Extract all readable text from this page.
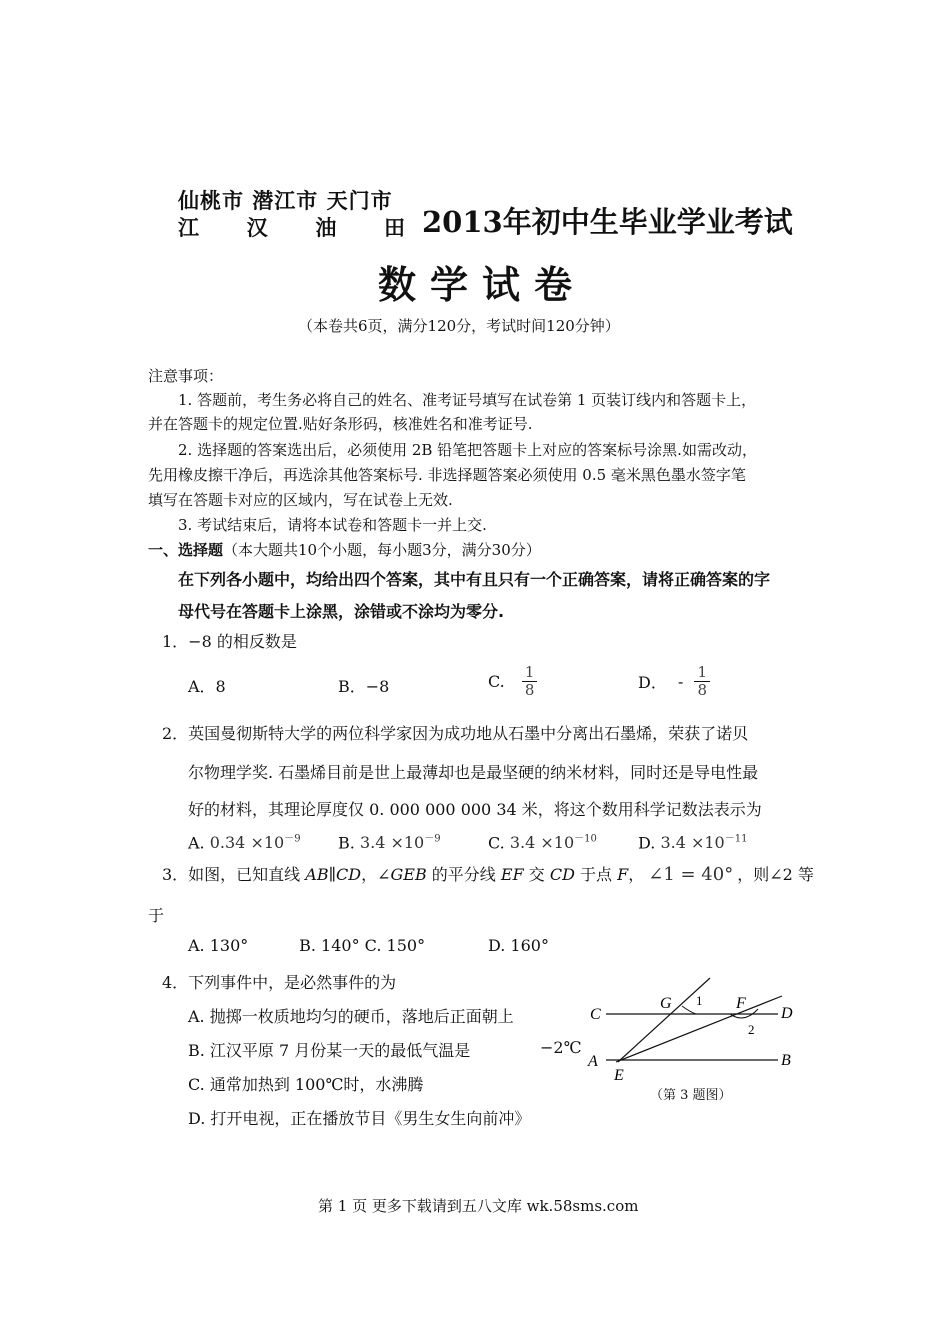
仙桃市 潜江市 天门市
江 汉 油 田 2013年初中生毕业学业考试
数学试卷
（本卷共6页，满分120分，考试时间120分钟）
注意事项：
1. 答题前，考生务必将自己的姓名、准考证号填写在试卷第 1 页装订线内和答题卡上，
并在答题卡的规定位置.贴好条形码，核准姓名和准考证号.
2. 选择题的答案选出后，必须使用 2B 铅笔把答题卡上对应的答案标号涂黑.如需改动，
先用橡皮擦干净后，再选涂其他答案标号. 非选择题答案必须使用 0.5 毫米黑色墨水签字笔
填写在答题卡对应的区域内，写在试卷上无效.
3. 考试结束后，请将本试卷和答题卡一并上交.
一、选择题（本大题共10个小题，每小题3分，满分30分）
在下列各小题中，均给出四个答案，其中有且只有一个正确答案，请将正确答案的字
母代号在答题卡上涂黑，涂错或不涂均为零分.
1．−8 的相反数是
A．8	B．−8	C. $\frac{1}{8}$	D． - $\frac{1}{8}$
2．英国曼彻斯特大学的两位科学家因为成功地从石墨中分离出石墨烯，荣获了诺贝
尔物理学奖. 石墨烯目前是世上最薄却也是最坚硬的纳米材料，同时还是导电性最
好的材料，其理论厚度仅 0. 000 000 000 34 米，将这个数用科学记数法表示为
A. $0.34 \times 10^{-9}$ B. $3.4 \times 10^{-9}$	C. $3.4 \times 10^{-10}$	D. $3.4 \times 10^{-11}$
3．如图，已知直线 AB∥CD，∠GEB 的平分线 EF 交 CD 于点 F， ∠1 = 40° ，则∠2 等
于
A. 130°          B. 140° C. 150°	D. 160°
4．下列事件中，是必然事件的为
A. 抛掷一枚质地均匀的硬币，落地后正面朝上
B. 江汉平原 7 月份某一天的最低气温是	−2℃
C. 通常加热到 100℃时，水沸腾
D. 打开电视，正在播放节目《男生女生向前冲》
C	D
A	B
G	F
E
1
2
（第 3 题图）
第 1 页 更多下载请到五八文库 wk.58sms.com
